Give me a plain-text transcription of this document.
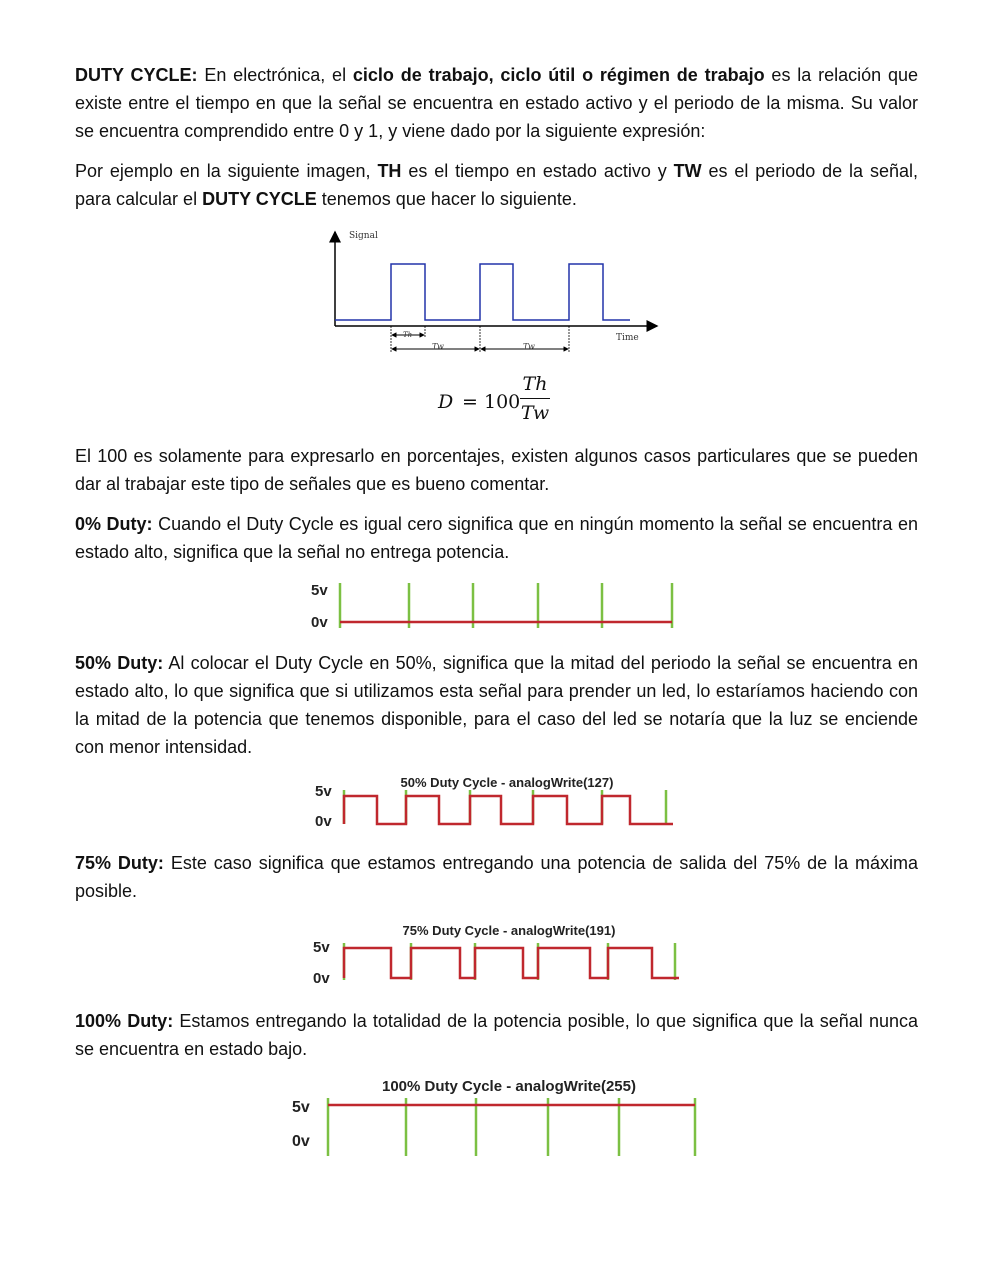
DUTY CYCLE: En electrónica, el ciclo de trabajo, ciclo útil o régimen de trabajo es la relación que existe entre el tiempo en que la señal se encuentra en estado activo y el periodo de la misma. Su valor se encuentra comprendido entre 0 y 1, y viene dado por la siguiente expresión:

Por ejemplo en la siguiente imagen, TH es el tiempo en estado activo y TW es el periodo de la señal, para calcular el DUTY CYCLE tenemos que hacer lo siguiente.

Signal
Time
Th
Tw	Tw
D = 100
Th
Tw

El 100 es solamente para expresarlo en porcentajes, existen algunos casos particulares que se pueden dar al trabajar este tipo de señales que es bueno comentar.

0% Duty: Cuando el Duty Cycle es igual cero significa que en ningún momento la señal se encuentra en estado alto, significa que la señal no entrega potencia.

5v
0v

50% Duty: Al colocar el Duty Cycle en 50%, significa que la mitad del periodo la señal se encuentra en estado alto, lo que significa que si utilizamos esta señal para prender un led, lo estaríamos haciendo con la mitad de la potencia que tenemos disponible, para el caso del led se notaría que la luz se enciende con menor intensidad.

50% Duty Cycle - analogWrite(127)
5v
0v

75% Duty: Este caso significa que estamos entregando una potencia de salida del 75% de la máxima posible.

75% Duty Cycle - analogWrite(191)
5v
0v

100% Duty: Estamos entregando la totalidad de la potencia posible, lo que significa que la señal nunca se encuentra en estado bajo.

100% Duty Cycle - analogWrite(255)
5v
0v
